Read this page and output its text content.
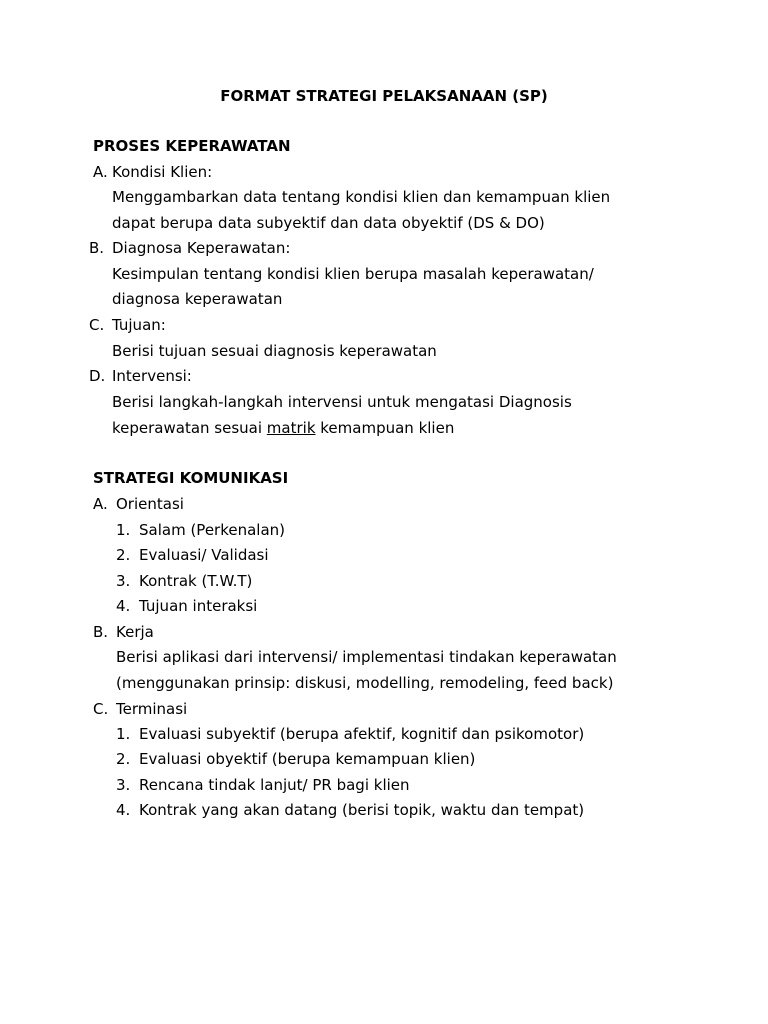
FORMAT STRATEGI PELAKSANAAN (SP)
PROSES KEPERAWATAN
A. Kondisi Klien:
Menggambarkan data tentang kondisi klien dan kemampuan klien
dapat berupa data subyektif dan data obyektif (DS & DO)
B. Diagnosa Keperawatan:
Kesimpulan tentang kondisi klien berupa masalah keperawatan/
diagnosa keperawatan
C. Tujuan:
Berisi tujuan sesuai diagnosis keperawatan
D. Intervensi:
Berisi langkah-langkah intervensi untuk mengatasi Diagnosis
keperawatan sesuai matrik kemampuan klien
STRATEGI KOMUNIKASI
A. Orientasi
1. Salam (Perkenalan)
2. Evaluasi/ Validasi
3. Kontrak (T.W.T)
4. Tujuan interaksi
B. Kerja
Berisi aplikasi dari intervensi/ implementasi tindakan keperawatan
(menggunakan prinsip: diskusi, modelling, remodeling, feed back)
C. Terminasi
1. Evaluasi subyektif (berupa afektif, kognitif dan psikomotor)
2. Evaluasi obyektif (berupa kemampuan klien)
3. Rencana tindak lanjut/ PR bagi klien
4. Kontrak yang akan datang (berisi topik, waktu dan tempat)
